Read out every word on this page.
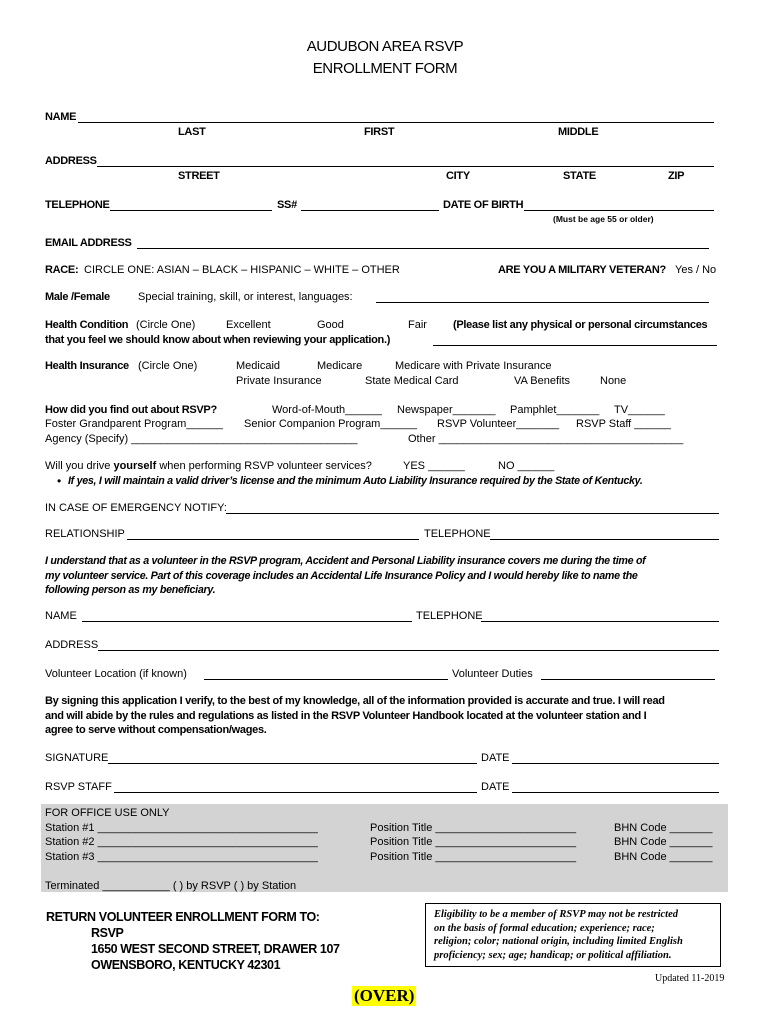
AUDUBON AREA RSVP
ENROLLMENT FORM
NAME
LAST	FIRST	MIDDLE
ADDRESS
STREET	CITY	STATE	ZIP
TELEPHONE	SS#	DATE OF BIRTH
(Must be age 55 or older)
EMAIL ADDRESS
RACE: CIRCLE ONE: ASIAN – BLACK – HISPANIC – WHITE – OTHER	ARE YOU A MILITARY VETERAN? Yes / No
Male /Female	Special training, skill, or interest, languages:
Health Condition (Circle One)	Excellent	Good	Fair (Please list any physical or personal circumstances
that you feel we should know about when reviewing your application.)
Health Insurance (Circle One)	Medicaid	Medicare	Medicare with Private Insurance
Private Insurance	State Medical Card	VA Benefits	None
How did you find out about RSVP?	Word-of-Mouth______ Newspaper_______ Pamphlet_______ TV______
Foster Grandparent Program______ Senior Companion Program______ RSVP Volunteer_______ RSVP Staff ______
Agency (Specify) _____________________________________	Other ________________________________________
Will you drive yourself when performing RSVP volunteer services?	YES ______	NO ______
• If yes, I will maintain a valid driver’s license and the minimum Auto Liability Insurance required by the State of Kentucky.
IN CASE OF EMERGENCY NOTIFY:
RELATIONSHIP	TELEPHONE
I understand that as a volunteer in the RSVP program, Accident and Personal Liability insurance covers me during the time of
my volunteer service. Part of this coverage includes an Accidental Life Insurance Policy and I would hereby like to name the
following person as my beneficiary.
NAME	TELEPHONE
ADDRESS
Volunteer Location (if known)	Volunteer Duties
By signing this application I verify, to the best of my knowledge, all of the information provided is accurate and true. I will read
and will abide by the rules and regulations as listed in the RSVP Volunteer Handbook located at the volunteer station and I
agree to serve without compensation/wages.
SIGNATURE	DATE
RSVP STAFF	DATE
FOR OFFICE USE ONLY
Station #1 ____________________________________	Position Title _______________________	BHN Code _______
Station #2 ____________________________________	Position Title _______________________	BHN Code _______
Station #3 ____________________________________	Position Title _______________________	BHN Code _______
Terminated ___________ ( ) by RSVP ( ) by Station
RETURN VOLUNTEER ENROLLMENT FORM TO:
RSVP
1650 WEST SECOND STREET, DRAWER 107
OWENSBORO, KENTUCKY 42301
Eligibility to be a member of RSVP may not be restricted
on the basis of formal education; experience; race;
religion; color; national origin, including limited English
proficiency; sex; age; handicap; or political affiliation.
Updated 11-2019
(OVER)
